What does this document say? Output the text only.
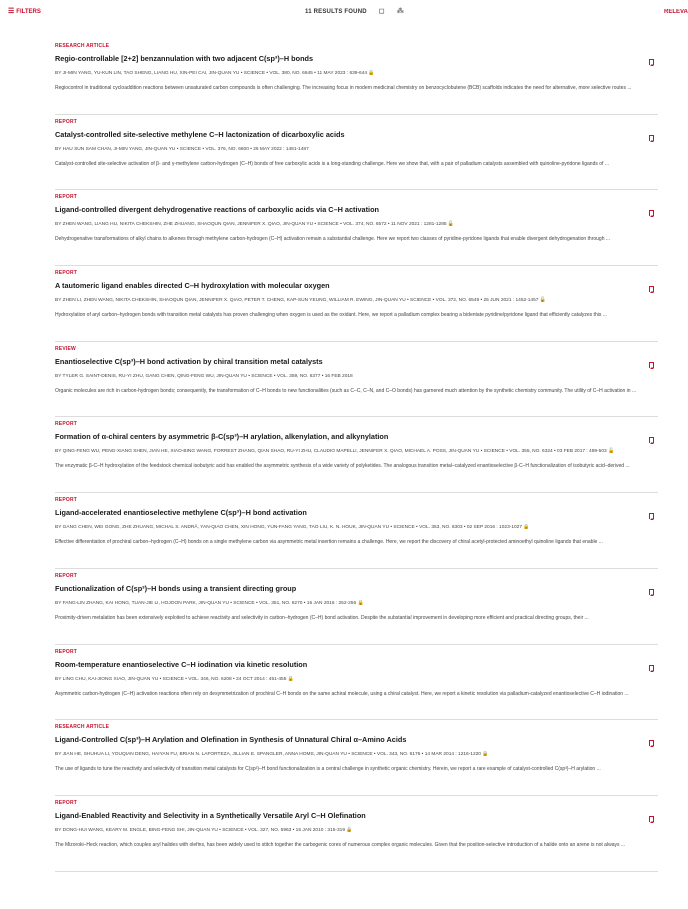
☰ FILTERS	11 RESULTS FOUND ◻ ⁂	RELEVA
RESEARCH ARTICLE
Regio-controllable [2+2] benzannulation with two adjacent C(sp³)–H bonds
BY JI-MIN YANG, YU-KUN LIN, TAO SHENG, LIANG HU, XIN-PEI CAI, JIN-QUAN YU • SCIENCE • VOL. 380, NO. 6645 • 11 MAY 2023 : 639-644 🔒
Regiocontrol in traditional cycloaddition reactions between unsaturated carbon compounds is often challenging. The increasing focus in modern medicinal chemistry on benzocyclobutene (BCB) scaffolds indicates the need for alternative, more selective routes ...
REPORT
Catalyst-controlled site-selective methylene C–H lactonization of dicarboxylic acids
BY HAU SUN SAM CHAN, JI-MIN YANG, JIN-QUAN YU • SCIENCE • VOL. 376, NO. 6600 • 26 MAY 2022 : 1481-1487
Catalyst-controlled site-selective activation of β- and γ-methylene carbon-hydrogen (C–H) bonds of free carboxylic acids is a long-standing challenge. Here we show that, with a pair of palladium catalysts assembled with quinoline-pyridone ligands of ...
REPORT
Ligand-controlled divergent dehydrogenative reactions of carboxylic acids via C–H activation
BY ZHEN WANG, LIANG HU, NIKITA CHEKSHIN, ZHE ZHUANG, SHAOQUN QIAN, JENNIFER X. QIAO, JIN-QUAN YU • SCIENCE • VOL. 374, NO. 6572 • 11 NOV 2021 : 1281-1285 🔓
Dehydrogenative transformations of alkyl chains to alkenes through methylene carbon-hydrogen (C–H) activation remain a substantial challenge. Here we report two classes of pyridine-pyridone ligands that enable divergent dehydrogenation through ...
REPORT
A tautomeric ligand enables directed C‒H hydroxylation with molecular oxygen
BY ZHEN LI, ZHEN WANG, NIKITA CHEKSHIN, SHAOQUN QIAN, JENNIFER X. QIAO, PETER T. CHENG, KAP-SUN YEUNG, WILLIAM R. EWING, JIN-QUAN YU • SCIENCE • VOL. 372, NO. 6549 • 25 JUN 2021 : 1452-1457 🔓
Hydroxylation of aryl carbon–hydrogen bonds with transition metal catalysts has proven challenging when oxygen is used as the oxidant. Here, we report a palladium complex bearing a bidentate pyridine/pyridone ligand that efficiently catalyzes this ...
REVIEW
Enantioselective C(sp³)‒H bond activation by chiral transition metal catalysts
BY TYLER G. SAINT-DENIS, RU-YI ZHU, GANG CHEN, QING-FENG WU, JIN-QUAN YU • SCIENCE • VOL. 359, NO. 6377 • 16 FEB 2018
Organic molecules are rich in carbon-hydrogen bonds; consequently, the transformation of C–H bonds to new functionalities (such as C–C, C–N, and C–O bonds) has garnered much attention by the synthetic chemistry community. The utility of C–H activation in ...
REPORT
Formation of α-chiral centers by asymmetric β-C(sp³)–H arylation, alkenylation, and alkynylation
BY QING-FENG WU, PENG-XIANG SHEN, JIAN HE, XIAO-BING WANG, FORREST ZHANG, QIAN SHAO, RU-YI ZHU, CLAUDIO MAPELLI, JENNIFER X. QIAO, MICHAEL A. POSS, JIN-QUAN YU • SCIENCE • VOL. 355, NO. 6324 • 03 FEB 2017 : 499-503 🔓
The enzymatic β-C–H hydroxylation of the feedstock chemical isobutyric acid has enabled the asymmetric synthesis of a wide variety of polyketides. The analogous transition metal–catalyzed enantioselective β-C–H functionalization of isobutyric acid–derived ...
REPORT
Ligand-accelerated enantioselective methylene C(sp³)–H bond activation
BY GANG CHEN, WEI GONG, ZHE ZHUANG, MICHAL S. ANDRÄ, YAN-QIAO CHEN, XIN HONG, YUN-FANG YANG, TAO LIU, K. N. HOUK, JIN-QUAN YU • SCIENCE • VOL. 353, NO. 6303 • 02 SEP 2016 : 1023-1027 🔒
Effective differentiation of prochiral carbon–hydrogen (C–H) bonds on a single methylene carbon via asymmetric metal insertion remains a challenge. Here, we report the discovery of chiral acetyl-protected aminoethyl quinoline ligands that enable ...
REPORT
Functionalization of C(sp³)–H bonds using a transient directing group
BY FANG-LIN ZHANG, KAI HONG, TUAN-JIE LI, HOJOON PARK, JIN-QUAN YU • SCIENCE • VOL. 351, NO. 6270 • 15 JAN 2016 : 252-256 🔒
Proximity-driven metalation has been extensively exploited to achieve reactivity and selectivity in carbon–hydrogen (C–H) bond activation. Despite the substantial improvement in developing more efficient and practical directing groups, their ...
REPORT
Room-temperature enantioselective C–H iodination via kinetic resolution
BY LING CHU, KAI-JIONG XIAO, JIN-QUAN YU • SCIENCE • VOL. 346, NO. 6208 • 24 OCT 2014 : 451-455 🔒
Asymmetric carbon-hydrogen (C–H) activation reactions often rely on desymmetrization of prochiral C–H bonds on the same achiral molecule, using a chiral catalyst. Here, we report a kinetic resolution via palladium-catalyzed enantioselective C–H iodination ...
RESEARCH ARTICLE
Ligand-Controlled C(sp³)–H Arylation and Olefination in Synthesis of Unnatural Chiral α–Amino Acids
BY JIAN HE, SHUHUA LI, YOUQIAN DENG, HAIYAN FU, BRIAN N. LAFORTEZA, JILLIAN E. SPANGLER, ANNA HOMS, JIN-QUAN YU • SCIENCE • VOL. 343, NO. 6176 • 14 MAR 2014 : 1216-1220 🔒
The use of ligands to tune the reactivity and selectivity of transition metal catalysts for C(sp³)–H bond functionalization is a central challenge in synthetic organic chemistry. Herein, we report a rare example of catalyst-controlled C(sp³)–H arylation ...
REPORT
Ligand-Enabled Reactivity and Selectivity in a Synthetically Versatile Aryl C–H Olefination
BY DONG-HUI WANG, KEARY M. ENGLE, BING-FENG SHI, JIN-QUAN YU • SCIENCE • VOL. 327, NO. 5963 • 15 JAN 2010 : 315-319 🔒
The Mizoroki–Heck reaction, which couples aryl halides with olefins, has been widely used to stitch together the carbogenic cores of numerous complex organic molecules. Given that the position-selective introduction of a halide onto an arene is not always ...
